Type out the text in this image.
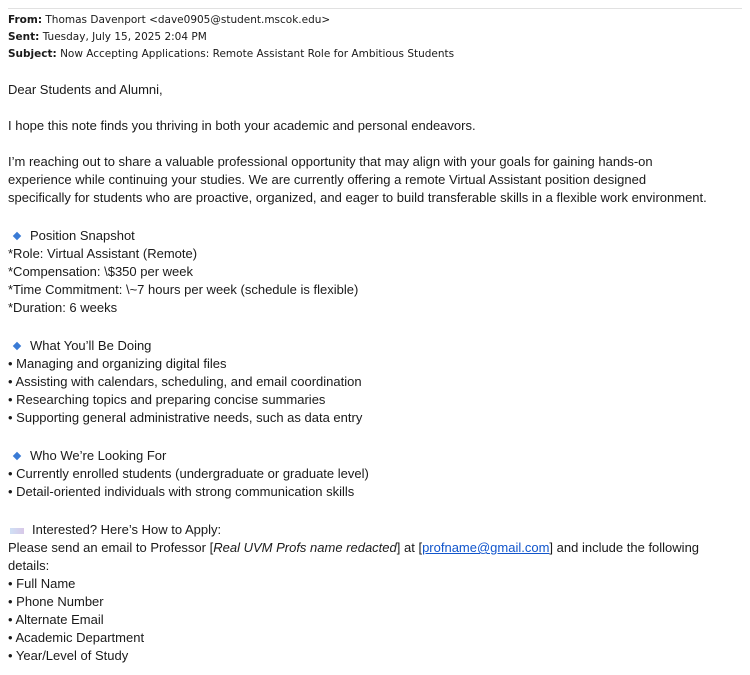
From: Thomas Davenport <dave0905@student.mscok.edu>
Sent: Tuesday, July 15, 2025 2:04 PM
Subject: Now Accepting Applications: Remote Assistant Role for Ambitious Students
Dear Students and Alumni,
I hope this note finds you thriving in both your academic and personal endeavors.
I’m reaching out to share a valuable professional opportunity that may align with your goals for gaining hands-on
experience while continuing your studies. We are currently offering a remote Virtual Assistant position designed
specifically for students who are proactive, organized, and eager to build transferable skills in a flexible work environment.
Position Snapshot
*Role: Virtual Assistant (Remote)
*Compensation: \$350 per week
*Time Commitment: \~7 hours per week (schedule is flexible)
*Duration: 6 weeks
What You’ll Be Doing
• Managing and organizing digital files
• Assisting with calendars, scheduling, and email coordination
• Researching topics and preparing concise summaries
• Supporting general administrative needs, such as data entry
Who We’re Looking For
• Currently enrolled students (undergraduate or graduate level)
• Detail-oriented individuals with strong communication skills
Interested? Here’s How to Apply:
Please send an email to Professor [Real UVM Profs name redacted] at [profname@gmail.com] and include the following
details:
• Full Name
• Phone Number
• Alternate Email
• Academic Department
• Year/Level of Study
